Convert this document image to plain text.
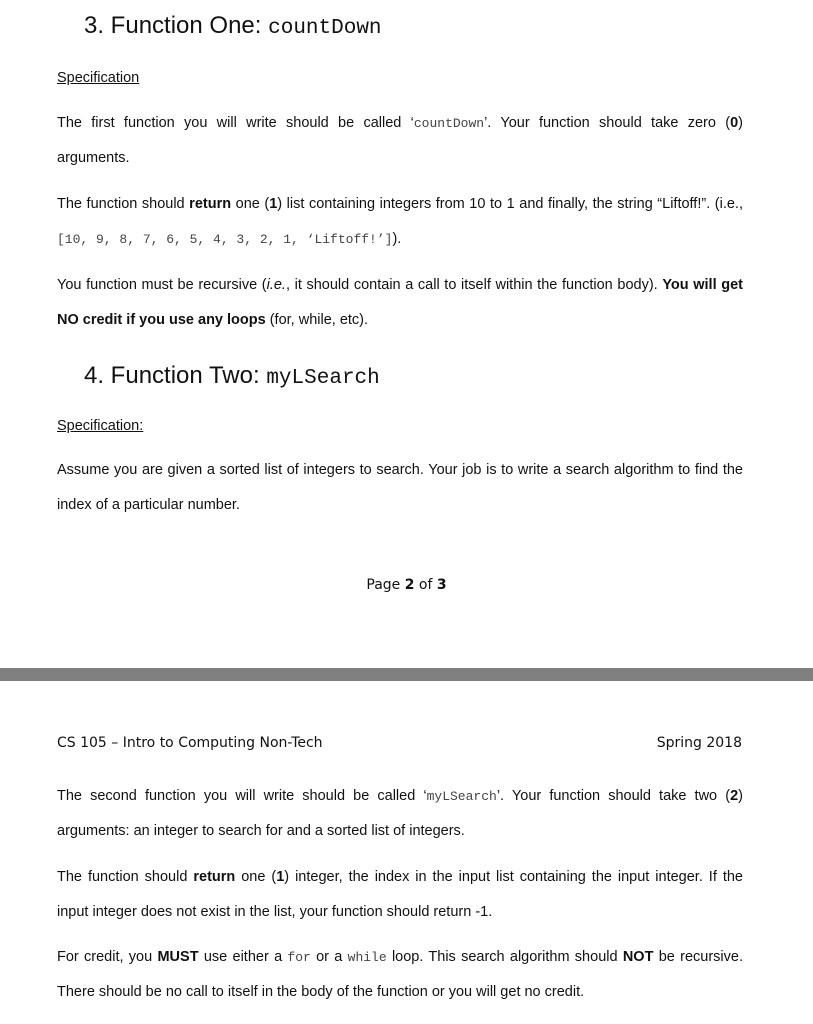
3. Function One: countDown
Specification
The first function you will write should be called ‘countDown’. Your function should take zero (0)
arguments.
The function should return one (1) list containing integers from 10 to 1 and finally, the string “Liftoff!”. (i.e.,
[10, 9, 8, 7, 6, 5, 4, 3, 2, 1, ‘Liftoff!’]).
You function must be recursive (i.e., it should contain a call to itself within the function body). You will get
NO credit if you use any loops (for, while, etc).
4. Function Two: myLSearch
Specification:
Assume you are given a sorted list of integers to search. Your job is to write a search algorithm to find the
index of a particular number.
Page 2 of 3
CS 105 – Intro to Computing Non-Tech	Spring 2018
The second function you will write should be called ‘myLSearch’. Your function should take two (2)
arguments: an integer to search for and a sorted list of integers.
The function should return one (1) integer, the index in the input list containing the input integer. If the
input integer does not exist in the list, your function should return -1.
For credit, you MUST use either a for or a while loop. This search algorithm should NOT be recursive.
There should be no call to itself in the body of the function or you will get no credit.
